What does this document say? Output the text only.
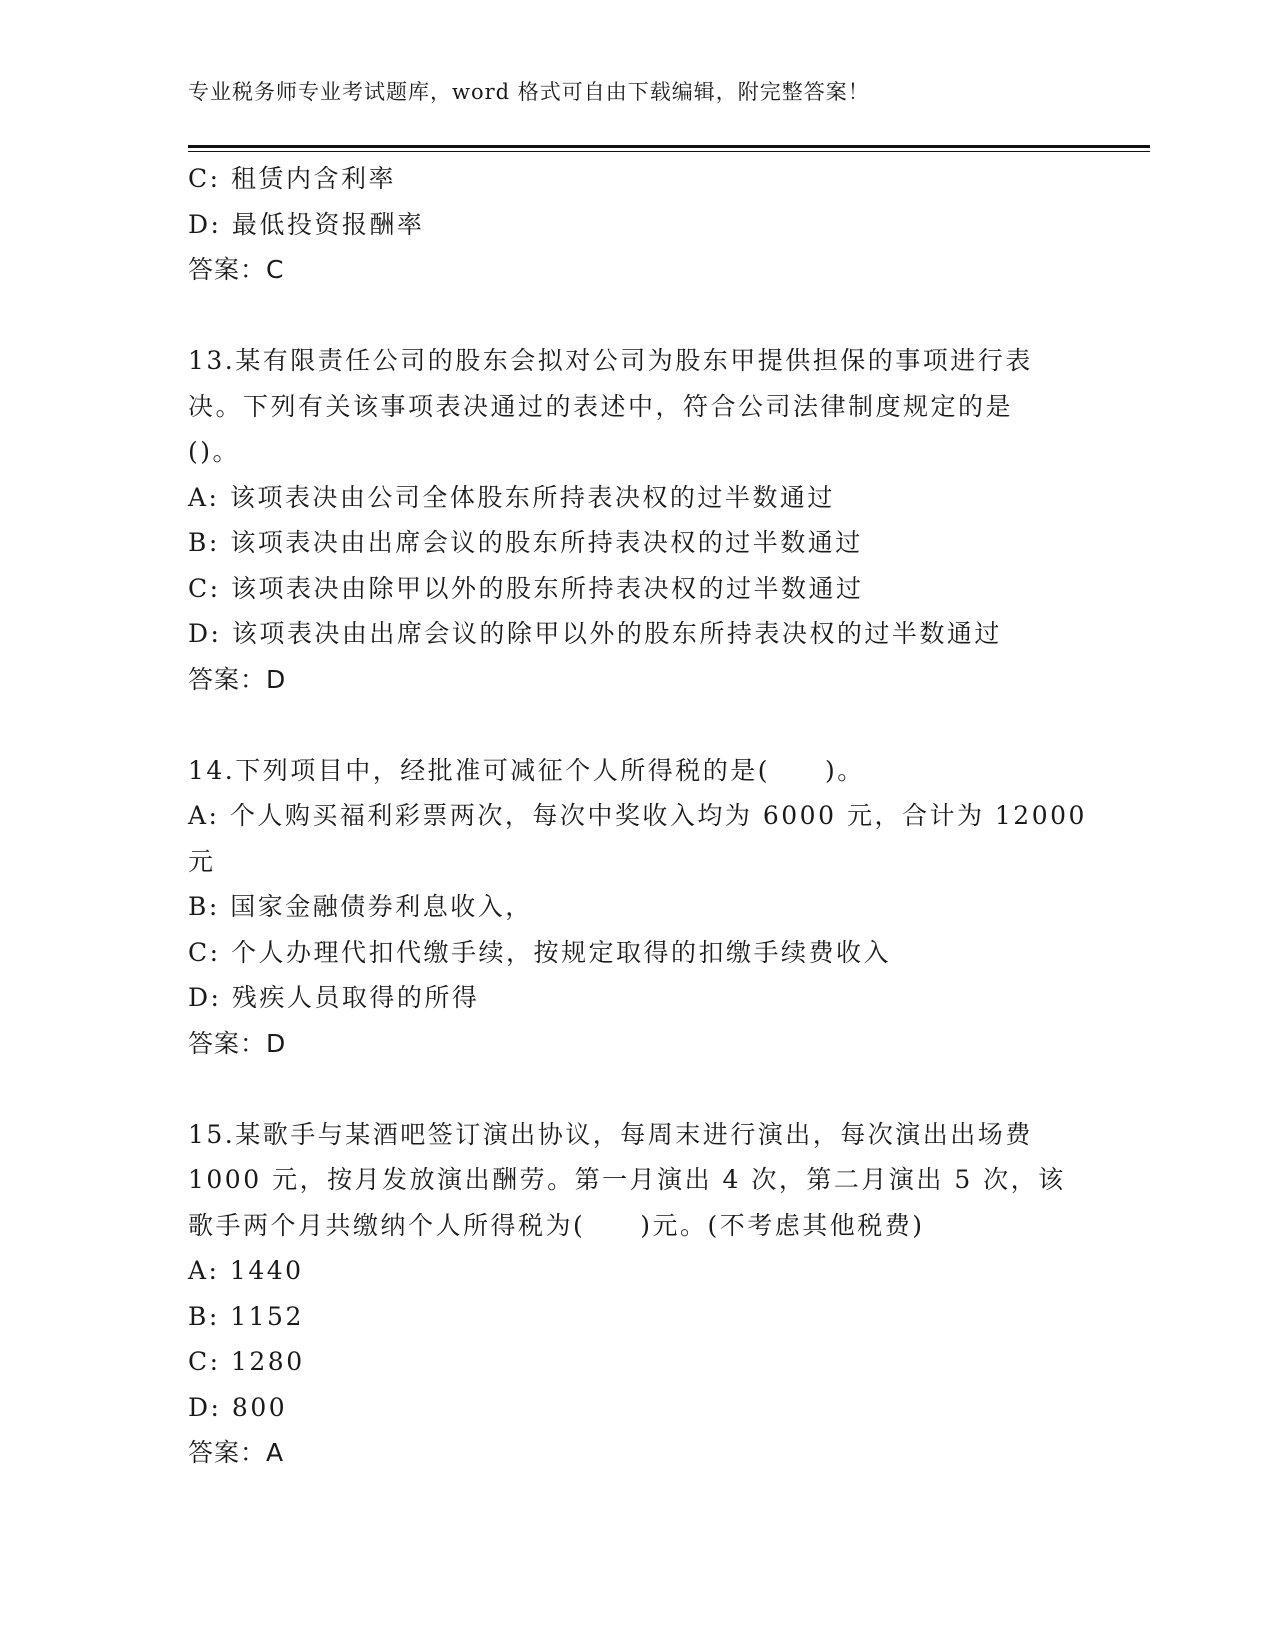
专业税务师专业考试题库，word 格式可自由下载编辑，附完整答案！
C: 租赁内含利率
D: 最低投资报酬率
答案：C
13.某有限责任公司的股东会拟对公司为股东甲提供担保的事项进行表
决。下列有关该事项表决通过的表述中，符合公司法律制度规定的是
()。
A: 该项表决由公司全体股东所持表决权的过半数通过
B: 该项表决由出席会议的股东所持表决权的过半数通过
C: 该项表决由除甲以外的股东所持表决权的过半数通过
D: 该项表决由出席会议的除甲以外的股东所持表决权的过半数通过
答案：D
14.下列项目中，经批准可减征个人所得税的是(　　)。
A: 个人购买福利彩票两次，每次中奖收入均为 6000 元，合计为 12000
元
B: 国家金融债券利息收入，
C: 个人办理代扣代缴手续，按规定取得的扣缴手续费收入
D: 残疾人员取得的所得
答案：D
15.某歌手与某酒吧签订演出协议，每周末进行演出，每次演出出场费
1000 元，按月发放演出酬劳。第一月演出 4 次，第二月演出 5 次，该
歌手两个月共缴纳个人所得税为(　　)元。(不考虑其他税费)
A: 1440
B: 1152
C: 1280
D: 800
答案：A
